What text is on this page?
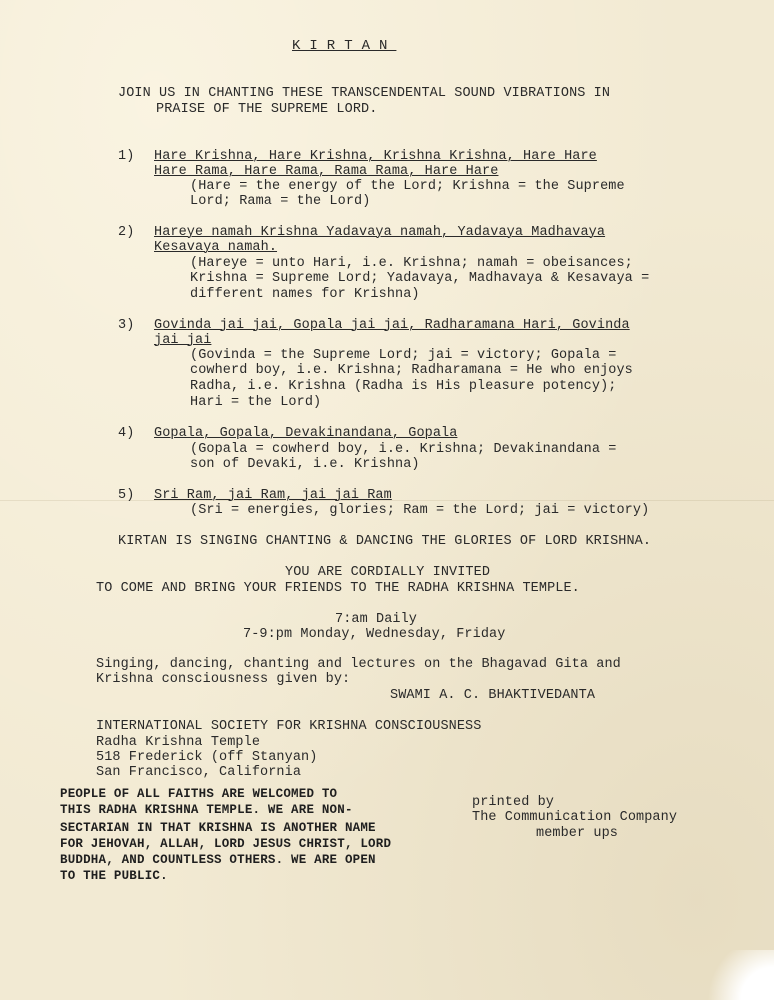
KIRTAN
JOIN US IN CHANTING THESE TRANSCENDENTAL SOUND VIBRATIONS IN
PRAISE OF THE SUPREME LORD.
1) Hare Krishna, Hare Krishna, Krishna Krishna, Hare Hare
Hare Rama, Hare Rama, Rama Rama, Hare Hare
(Hare = the energy of the Lord; Krishna = the Supreme
Lord; Rama = the Lord)
2) Hareye namah Krishna Yadavaya namah, Yadavaya Madhavaya
Kesavaya namah.
(Hareye = unto Hari, i.e. Krishna; namah = obeisances;
Krishna = Supreme Lord; Yadavaya, Madhavaya & Kesavaya =
different names for Krishna)
3) Govinda jai jai, Gopala jai jai, Radharamana Hari, Govinda
jai jai
(Govinda = the Supreme Lord; jai = victory; Gopala =
cowherd boy, i.e. Krishna; Radharamana = He who enjoys
Radha, i.e. Krishna (Radha is His pleasure potency);
Hari = the Lord)
4) Gopala, Gopala, Devakinandana, Gopala
(Gopala = cowherd boy, i.e. Krishna; Devakinandana =
son of Devaki, i.e. Krishna)
5) Sri Ram, jai Ram, jai jai Ram
(Sri = energies, glories; Ram = the Lord; jai = victory)
KIRTAN IS SINGING CHANTING & DANCING THE GLORIES OF LORD KRISHNA.
YOU ARE CORDIALLY INVITED
TO COME AND BRING YOUR FRIENDS TO THE RADHA KRISHNA TEMPLE.
7:am Daily
7-9:pm Monday, Wednesday, Friday
Singing, dancing, chanting and lectures on the Bhagavad Gita and
Krishna consciousness given by:
SWAMI A. C. BHAKTIVEDANTA
INTERNATIONAL SOCIETY FOR KRISHNA CONSCIOUSNESS
Radha Krishna Temple
518 Frederick (off Stanyan)
San Francisco, California
PEOPLE OF ALL FAITHS ARE WELCOMED TO
THIS RADHA KRISHNA TEMPLE. WE ARE NON-
SECTARIAN IN THAT KRISHNA IS ANOTHER NAME
FOR JEHOVAH, ALLAH, LORD JESUS CHRIST, LORD
BUDDHA, AND COUNTLESS OTHERS. WE ARE OPEN
TO THE PUBLIC.
printed by
The Communication Company
member ups
